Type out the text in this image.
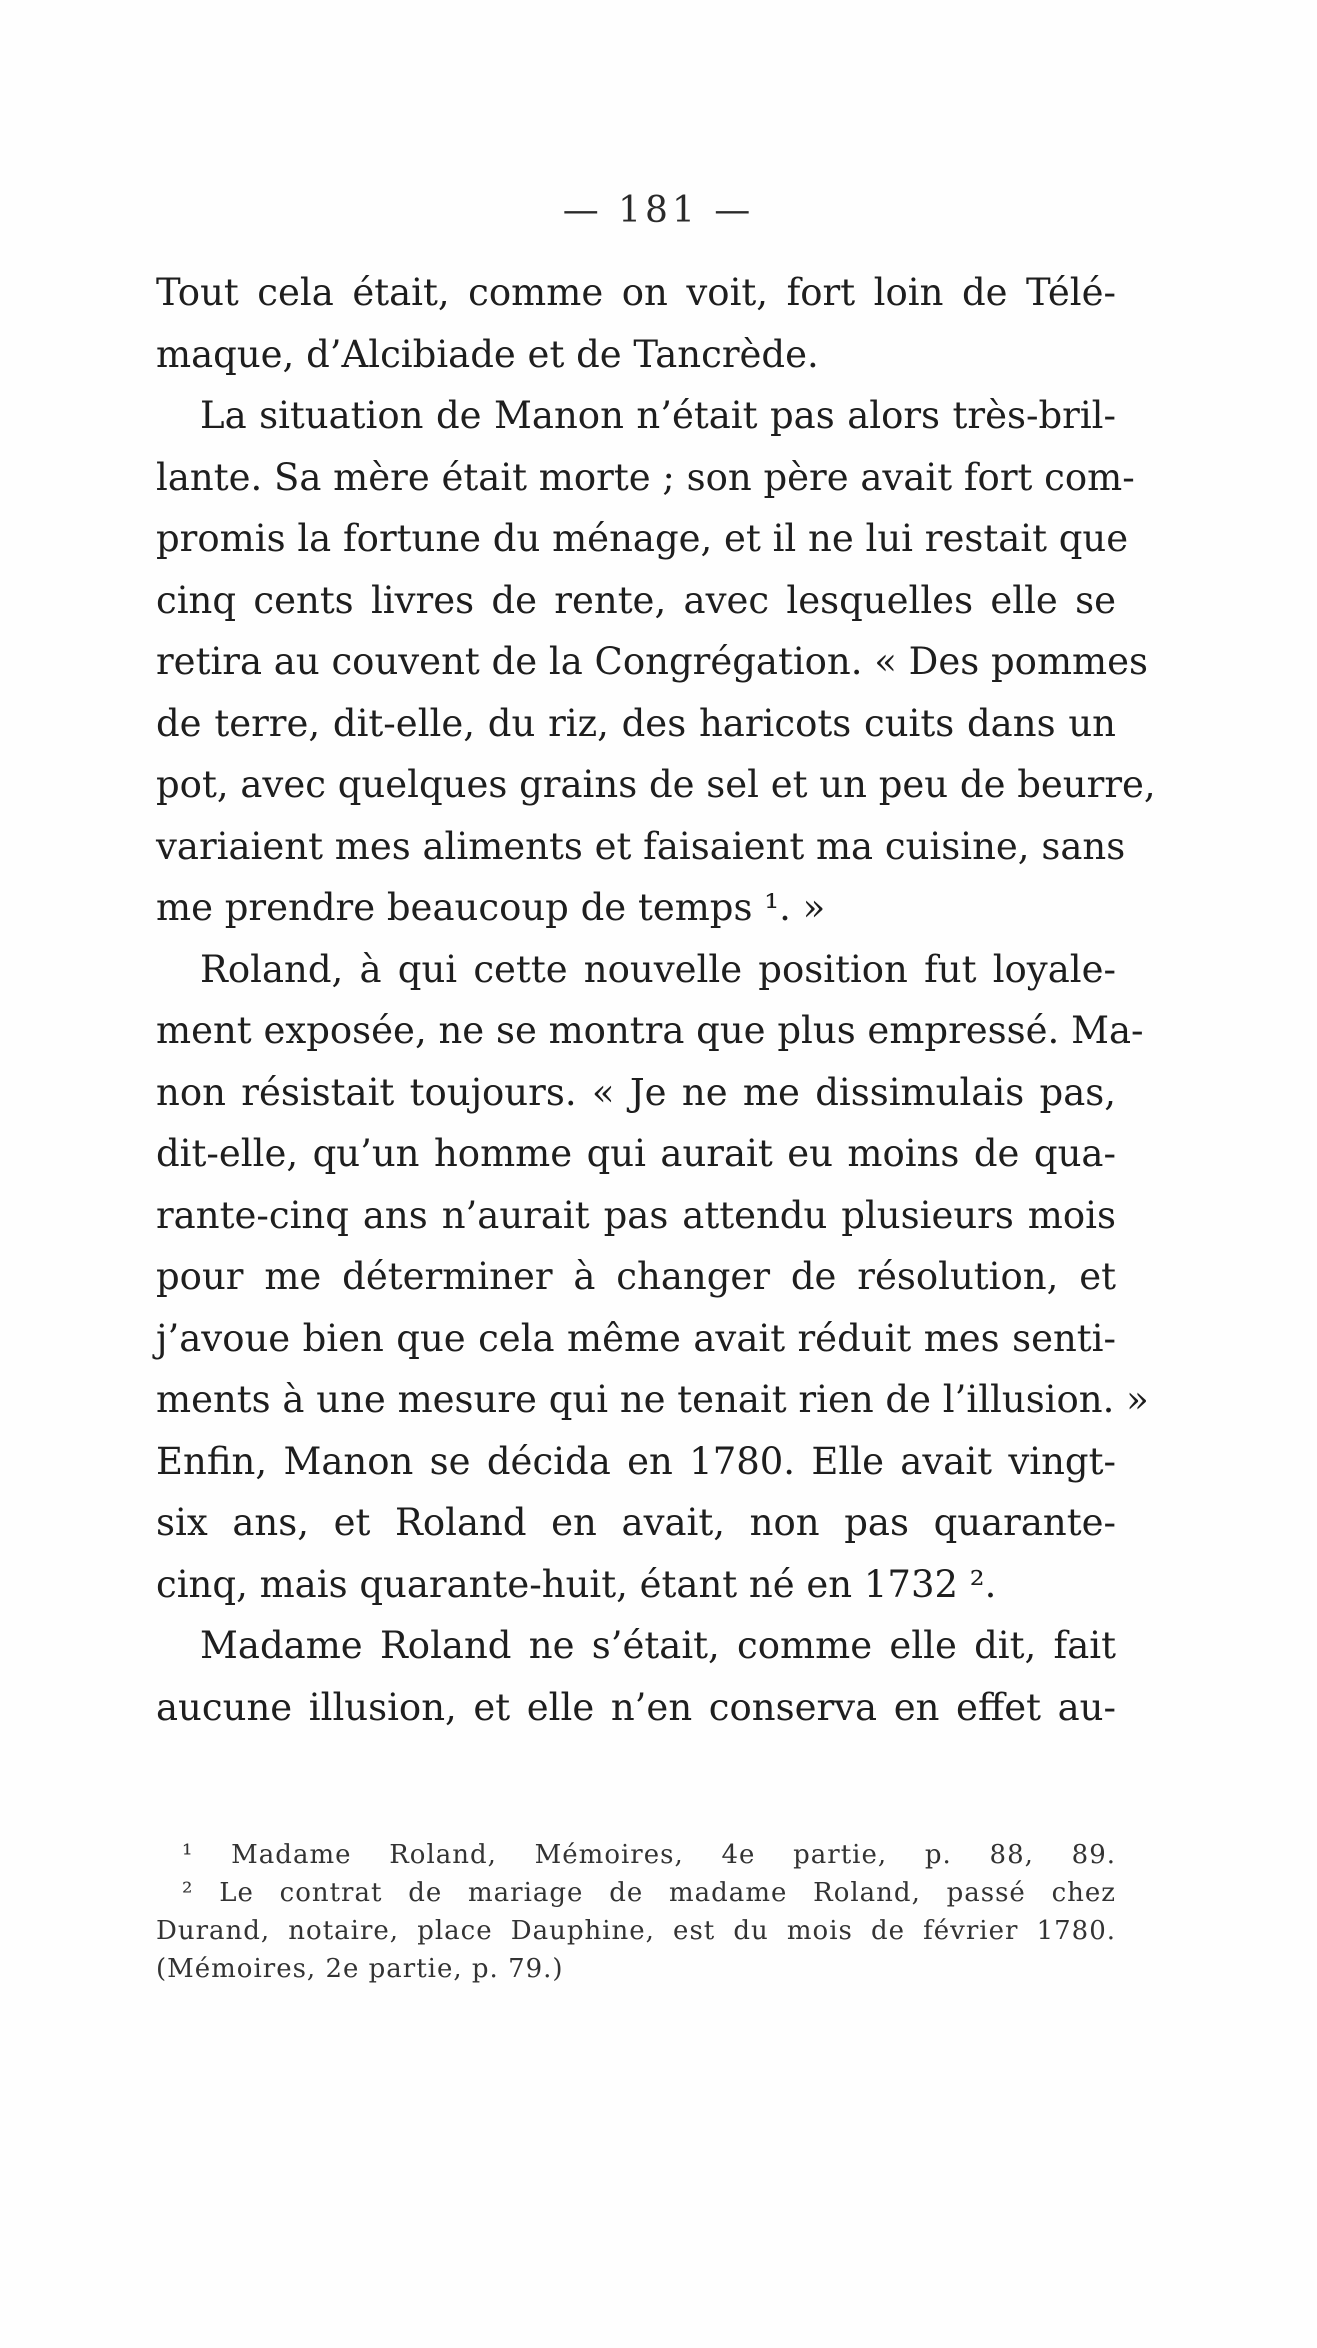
— 181 —
Tout cela était, comme on voit, fort loin de Télé-
maque, d’Alcibiade et de Tancrède.
La situation de Manon n’était pas alors très-bril-
lante. Sa mère était morte ; son père avait fort com-
promis la fortune du ménage, et il ne lui restait que
cinq cents livres de rente, avec lesquelles elle se
retira au couvent de la Congrégation. « Des pommes
de terre, dit-elle, du riz, des haricots cuits dans un
pot, avec quelques grains de sel et un peu de beurre,
variaient mes aliments et faisaient ma cuisine, sans
me prendre beaucoup de temps ¹. »
Roland, à qui cette nouvelle position fut loyale-
ment exposée, ne se montra que plus empressé. Ma-
non résistait toujours. « Je ne me dissimulais pas,
dit-elle, qu’un homme qui aurait eu moins de qua-
rante-cinq ans n’aurait pas attendu plusieurs mois
pour me déterminer à changer de résolution, et
j’avoue bien que cela même avait réduit mes senti-
ments à une mesure qui ne tenait rien de l’illusion. »
Enfin, Manon se décida en 1780. Elle avait vingt-
six ans, et Roland en avait, non pas quarante-
cinq, mais quarante-huit, étant né en 1732 ².
Madame Roland ne s’était, comme elle dit, fait
aucune illusion, et elle n’en conserva en effet au-
¹ Madame Roland, Mémoires, 4e partie, p. 88, 89.
² Le contrat de mariage de madame Roland, passé chez
Durand, notaire, place Dauphine, est du mois de février 1780.
(Mémoires, 2e partie, p. 79.)
